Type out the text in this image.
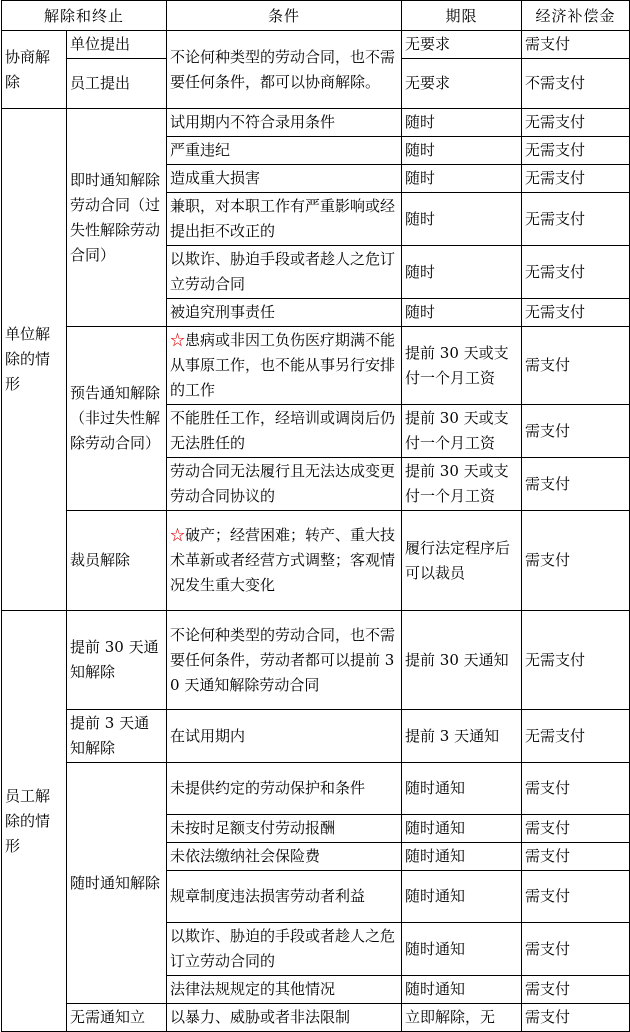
解除和终止		条件	期限	经济补偿金
协商解除	单位提出	不论何种类型的劳动合同，也不需要任何条件，都可以协商解除。	无要求	需支付
	员工提出		无要求	不需支付
单位解除的情形	即时通知解除劳动合同（过失性解除劳动合同）	试用期内不符合录用条件	随时	无需支付
		严重违纪	随时	无需支付
		造成重大损害	随时	无需支付
		兼职，对本职工作有严重影响或经提出拒不改正的	随时	无需支付
		以欺诈、胁迫手段或者趁人之危订立劳动合同	随时	无需支付
		被追究刑事责任	随时	无需支付
	预告通知解除（非过失性解除劳动合同）	☆患病或非因工负伤医疗期满不能从事原工作，也不能从事另行安排的工作	提前 30 天或支付一个月工资	需支付
		不能胜任工作，经培训或调岗后仍无法胜任的	提前 30 天或支付一个月工资	需支付
		劳动合同无法履行且无法达成变更劳动合同协议的	提前 30 天或支付一个月工资	需支付
	裁员解除	☆破产；经营困难；转产、重大技术革新或者经营方式调整；客观情况发生重大变化	履行法定程序后可以裁员	需支付
员工解除的情形	提前 30 天通知解除	不论何种类型的劳动合同，也不需要任何条件，劳动者都可以提前 30 天通知解除劳动合同	提前 30 天通知	无需支付
	提前 3 天通知解除	在试用期内	提前 3 天通知	无需支付
	随时通知解除	未提供约定的劳动保护和条件	随时通知	需支付
		未按时足额支付劳动报酬	随时通知	需支付
		未依法缴纳社会保险费	随时通知	需支付
		规章制度违法损害劳动者利益	随时通知	需支付
		以欺诈、胁迫的手段或者趁人之危订立劳动合同的	随时通知	需支付
		法律法规规定的其他情况	随时通知	需支付
	无需通知立	以暴力、威胁或者非法限制	立即解除，无	需支付
